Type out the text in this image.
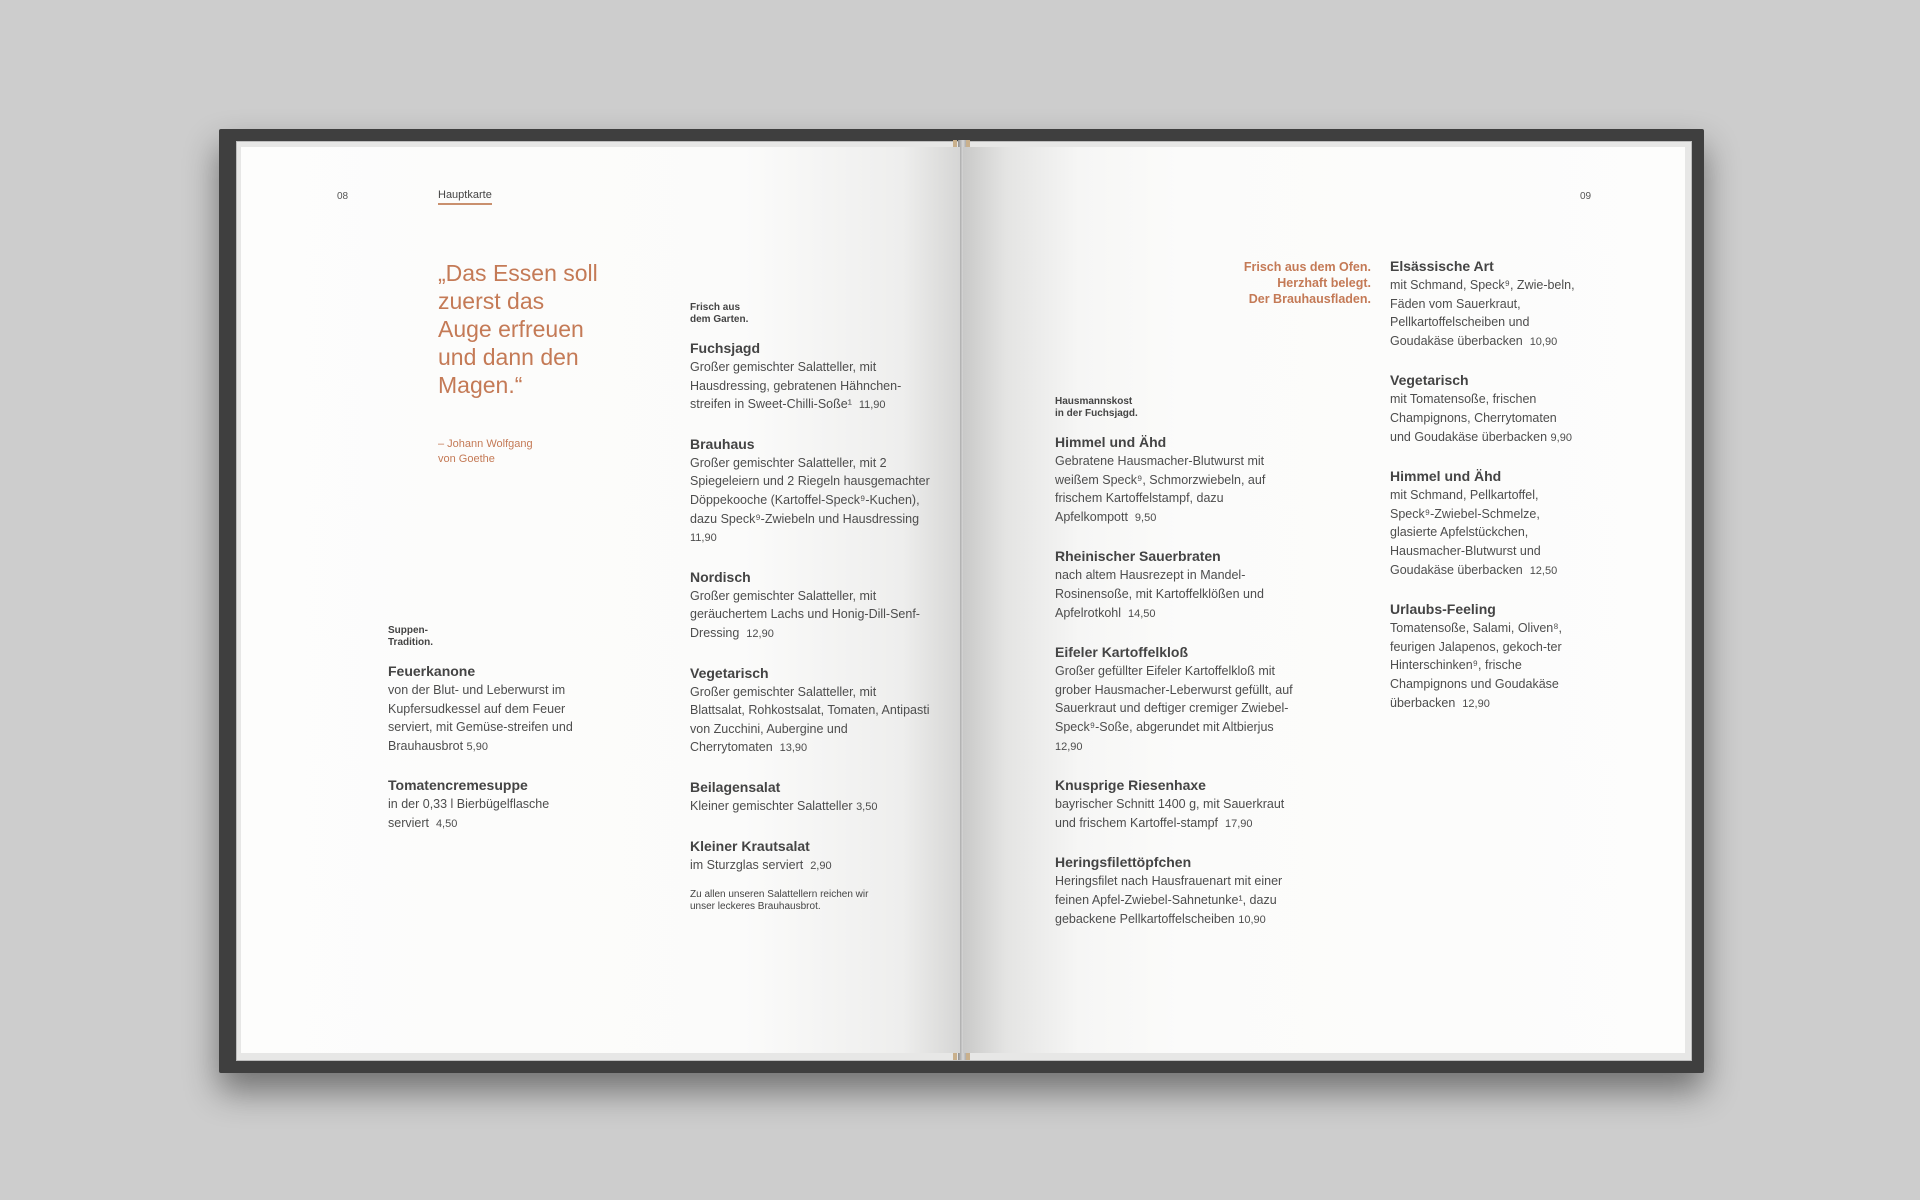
08	Hauptkarte
„Das Essen soll zuerst das Auge erfreuen und dann den Magen.“
– Johann Wolfgang
von Goethe
Suppen-
Tradition.
Feuerkanone
von der Blut- und Leberwurst im Kupfersudkessel auf dem Feuer serviert, mit Gemüse-streifen und Brauhausbrot 5,90
Tomatencremesuppe
in der 0,33 l Bierbügelflasche serviert 4,50
Frisch aus
dem Garten.
Fuchsjagd
Großer gemischter Salatteller, mit Hausdressing, gebratenen Hähnchen-streifen in Sweet-Chilli-Soße¹ 11,90
Brauhaus
Großer gemischter Salatteller, mit 2 Spiegeleiern und 2 Riegeln hausgemachter Döppekooche (Kartoffel-Speck⁹-Kuchen), dazu Speck⁹-Zwiebeln und Hausdressing 11,90
Nordisch
Großer gemischter Salatteller, mit geräuchertem Lachs und Honig-Dill-Senf-Dressing 12,90
Vegetarisch
Großer gemischter Salatteller, mit Blattsalat, Rohkostsalat, Tomaten, Antipasti von Zucchini, Aubergine und Cherrytomaten 13,90
Beilagensalat
Kleiner gemischter Salatteller 3,50
Kleiner Krautsalat
im Sturzglas serviert 2,90
Zu allen unseren Salattellern reichen wir
unser leckeres Brauhausbrot.
09
Frisch aus dem Ofen.
Herzhaft belegt.
Der Brauhausfladen.
Hausmannskost
in der Fuchsjagd.
Himmel und Ähd
Gebratene Hausmacher-Blutwurst mit weißem Speck⁹, Schmorzwiebeln, auf frischem Kartoffelstampf, dazu Apfelkompott 9,50
Rheinischer Sauerbraten
nach altem Hausrezept in Mandel-Rosinensoße, mit Kartoffelklößen und Apfelrotkohl 14,50
Eifeler Kartoffelkloß
Großer gefüllter Eifeler Kartoffelkloß mit grober Hausmacher-Leberwurst gefüllt, auf Sauerkraut und deftiger cremiger Zwiebel-Speck⁹-Soße, abgerundet mit Altbierjus  12,90
Knusprige Riesenhaxe
bayrischer Schnitt 1400 g, mit Sauerkraut und frischem Kartoffel-stampf 17,90
Heringsfilettöpfchen
Heringsfilet nach Hausfrauenart mit einer feinen Apfel-Zwiebel-Sahnetunke¹, dazu gebackene Pellkartoffelscheiben 10,90
Elsässische Art
mit Schmand, Speck⁹, Zwie-beln, Fäden vom Sauerkraut, Pellkartoffelscheiben und Goudakäse überbacken 10,90
Vegetarisch
mit Tomatensoße, frischen Champignons, Cherrytomaten und Goudakäse überbacken 9,90
Himmel und Ähd
mit Schmand, Pellkartoffel, Speck⁹-Zwiebel-Schmelze, glasierte Apfelstückchen, Hausmacher-Blutwurst und Goudakäse überbacken 12,50
Urlaubs-Feeling
Tomatensoße, Salami, Oliven⁸, feurigen Jalapenos, gekoch-ter Hinterschinken⁹, frische Champignons und Goudakäse überbacken 12,90
